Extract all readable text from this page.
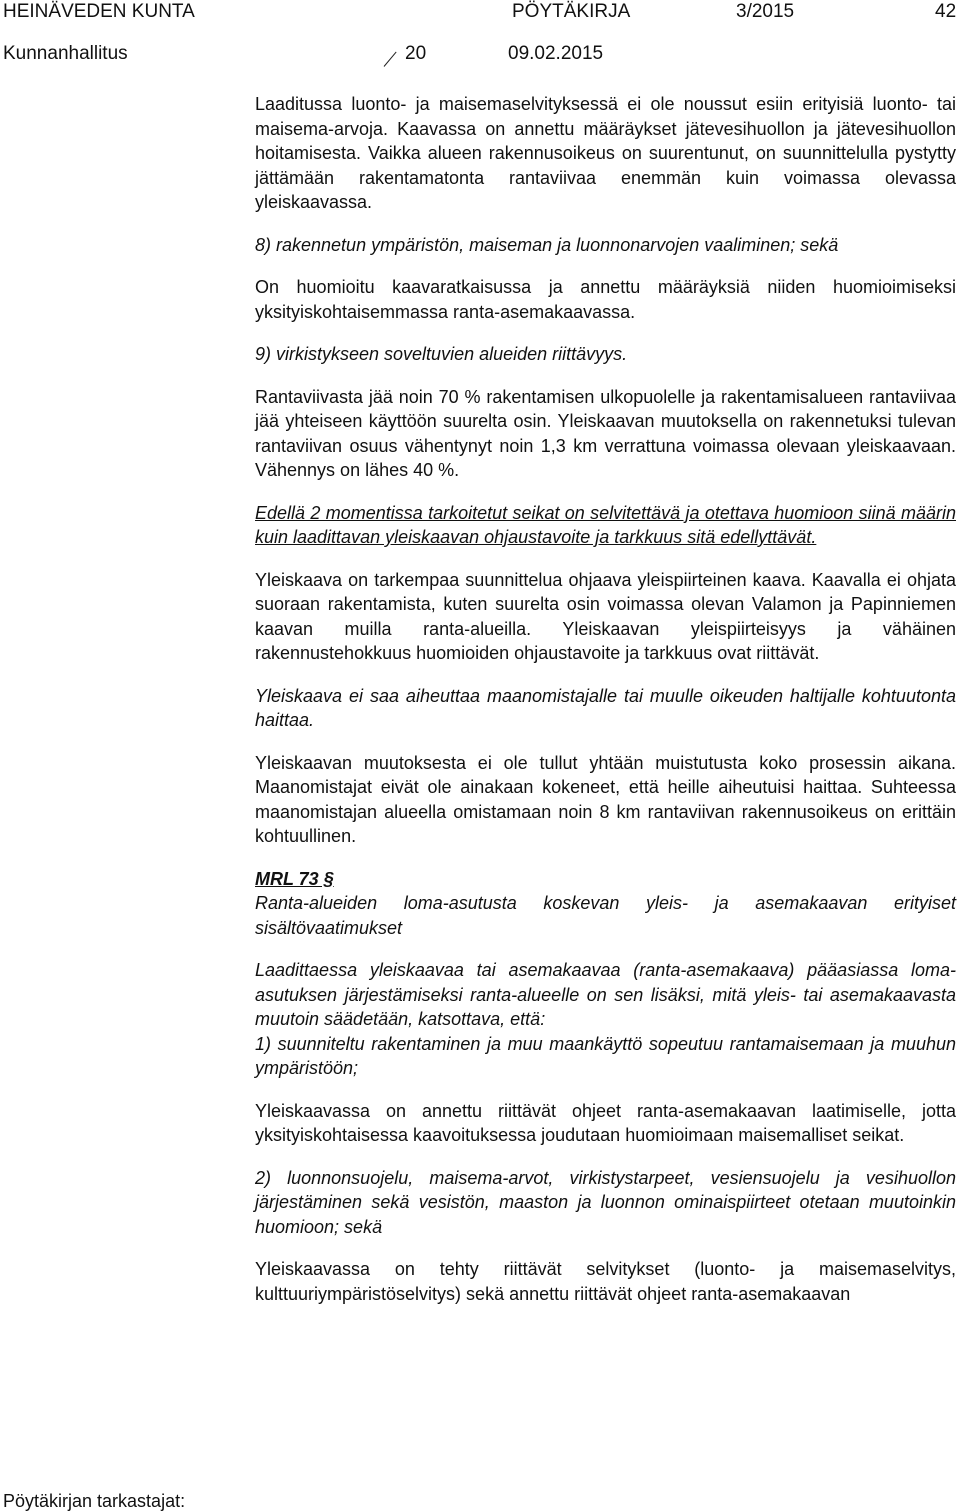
HEINÄVEDEN KUNTA	PÖYTÄKIRJA	3/2015	42
Kunnanhallitus	20	09.02.2015

Laaditussa luonto- ja maisemaselvityksessä ei ole noussut esiin erityisiä luonto- tai maisema-arvoja. Kaavassa on annettu määräykset jätevesihuollon ja jätevesihuollon hoitamisesta. Vaikka alueen rakennusoikeus on suurentunut, on suunnittelulla pystytty jättämään rakentamatonta rantaviivaa enemmän kuin voimassa olevassa yleiskaavassa.

8) rakennetun ympäristön, maiseman ja luonnonarvojen vaaliminen; sekä

On huomioitu kaavaratkaisussa ja annettu määräyksiä niiden huomioimiseksi yksityiskohtaisemmassa ranta-asemakaavassa.

9) virkistykseen soveltuvien alueiden riittävyys.

Rantaviivasta jää noin 70 % rakentamisen ulkopuolelle ja rakentamisalueen rantaviivaa jää yhteiseen käyttöön suurelta osin. Yleiskaavan muutoksella on rakennetuksi tulevan rantaviivan osuus vähentynyt noin 1,3 km verrattuna voimassa olevaan yleiskaavaan. Vähennys on lähes 40 %.

Edellä 2 momentissa tarkoitetut seikat on selvitettävä ja otettava huomioon siinä määrin kuin laadittavan yleiskaavan ohjaustavoite ja tarkkuus sitä edellyttävät.

Yleiskaava on tarkempaa suunnittelua ohjaava yleispiirteinen kaava. Kaavalla ei ohjata suoraan rakentamista, kuten suurelta osin voimassa olevan Valamon ja Papinniemen kaavan muilla ranta-alueilla. Yleiskaavan yleispiirteisyys ja vähäinen rakennustehokkuus huomioiden ohjaustavoite ja tarkkuus ovat riittävät.

Yleiskaava ei saa aiheuttaa maanomistajalle tai muulle oikeuden haltijalle kohtuutonta haittaa.

Yleiskaavan muutoksesta ei ole tullut yhtään muistutusta koko prosessin aikana. Maanomistajat eivät ole ainakaan kokeneet, että heille aiheutuisi haittaa. Suhteessa maanomistajan alueella omistamaan noin 8 km rantaviivan rakennusoikeus on erittäin kohtuullinen.

MRL 73 §

Ranta-alueiden loma-asutusta koskevan yleis- ja asemakaavan erityiset sisältövaatimukset

Laadittaessa yleiskaavaa tai asemakaavaa (ranta-asemakaava) pääasiassa loma-asutuksen järjestämiseksi ranta-alueelle on sen lisäksi, mitä yleis- tai asemakaavasta muutoin säädetään, katsottava, että:

1) suunniteltu rakentaminen ja muu maankäyttö sopeutuu rantamaisemaan ja muuhun ympäristöön;

Yleiskaavassa on annettu riittävät ohjeet ranta-asemakaavan laatimiselle, jotta yksityiskohtaisessa kaavoituksessa joudutaan huomioimaan maisemalliset seikat.

2) luonnonsuojelu, maisema-arvot, virkistystarpeet, vesiensuojelu ja vesihuollon järjestäminen sekä vesistön, maaston ja luonnon ominaispiirteet otetaan muutoinkin huomioon; sekä

Yleiskaavassa on tehty riittävät selvitykset (luonto- ja maisemaselvitys, kulttuuriympäristöselvitys) sekä annettu riittävät ohjeet ranta-asemakaavan

Pöytäkirjan tarkastajat:
